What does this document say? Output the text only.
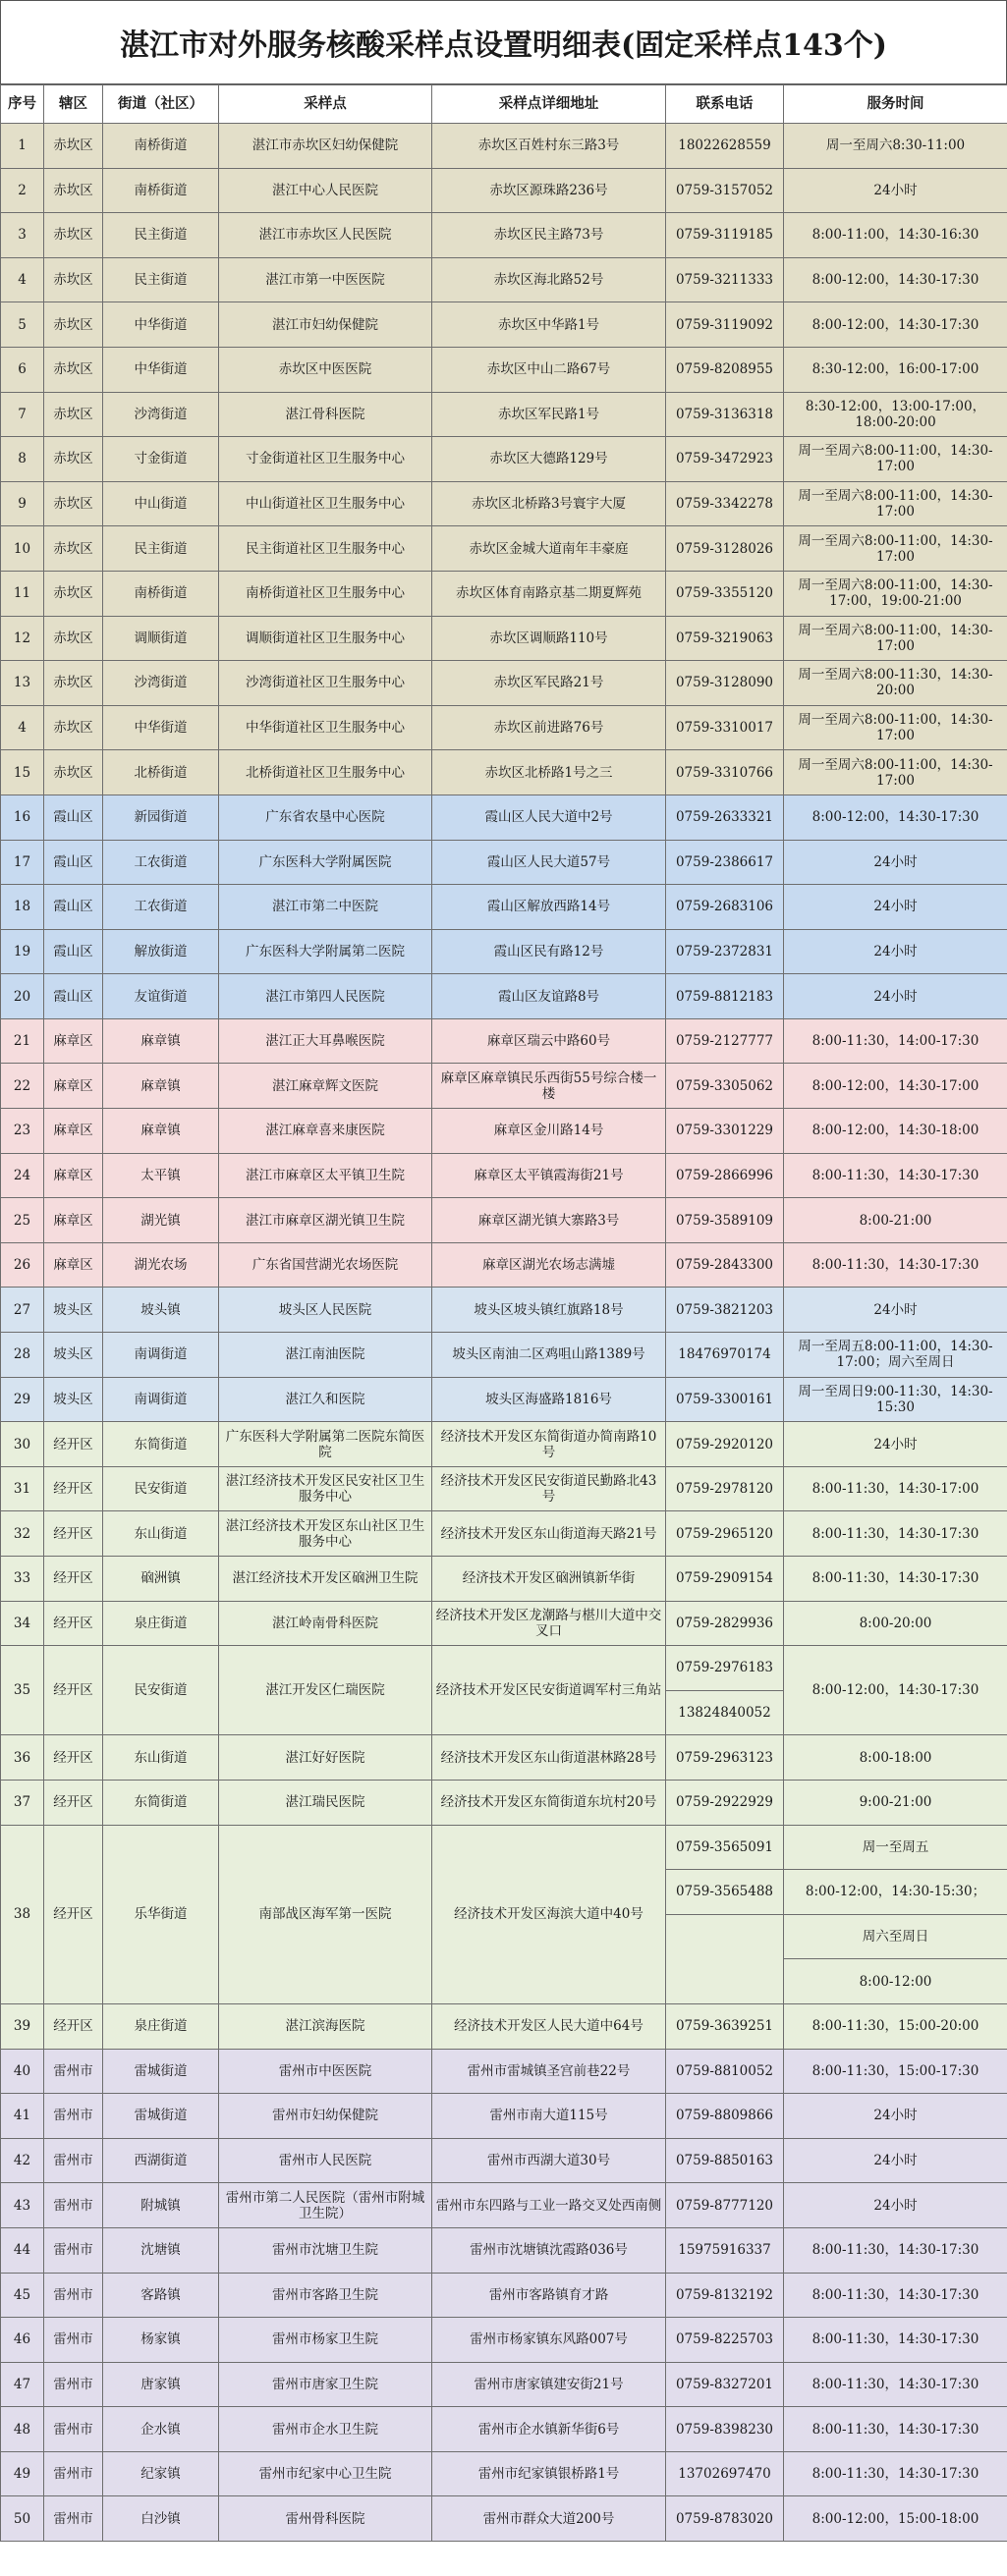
湛江市对外服务核酸采样点设置明细表(固定采样点143个)
序号	辖区	街道（社区）	采样点	采样点详细地址	联系电话	服务时间
1	赤坎区	南桥街道	湛江市赤坎区妇幼保健院	赤坎区百姓村东三路3号	18022628559	周一至周六8:30-11:00
2	赤坎区	南桥街道	湛江中心人民医院	赤坎区源珠路236号	0759-3157052	24小时
3	赤坎区	民主街道	湛江市赤坎区人民医院	赤坎区民主路73号	0759-3119185	8:00-11:00，14:30-16:30
4	赤坎区	民主街道	湛江市第一中医医院	赤坎区海北路52号	0759-3211333	8:00-12:00，14:30-17:30
5	赤坎区	中华街道	湛江市妇幼保健院	赤坎区中华路1号	0759-3119092	8:00-12:00，14:30-17:30
6	赤坎区	中华街道	赤坎区中医医院	赤坎区中山二路67号	0759-8208955	8:30-12:00，16:00-17:00
7	赤坎区	沙湾街道	湛江骨科医院	赤坎区军民路1号	0759-3136318	8:30-12:00，13:00-17:00，18:00-20:00
8	赤坎区	寸金街道	寸金街道社区卫生服务中心	赤坎区大德路129号	0759-3472923	周一至周六8:00-11:00，14:30-17:00
9	赤坎区	中山街道	中山街道社区卫生服务中心	赤坎区北桥路3号寰宇大厦	0759-3342278	周一至周六8:00-11:00，14:30-17:00
10	赤坎区	民主街道	民主街道社区卫生服务中心	赤坎区金城大道南年丰豪庭	0759-3128026	周一至周六8:00-11:00，14:30-17:00
11	赤坎区	南桥街道	南桥街道社区卫生服务中心	赤坎区体育南路京基二期夏辉苑	0759-3355120	周一至周六8:00-11:00，14:30-17:00，19:00-21:00
12	赤坎区	调顺街道	调顺街道社区卫生服务中心	赤坎区调顺路110号	0759-3219063	周一至周六8:00-11:00，14:30-17:00
13	赤坎区	沙湾街道	沙湾街道社区卫生服务中心	赤坎区军民路21号	0759-3128090	周一至周六8:00-11:30，14:30-20:00
4	赤坎区	中华街道	中华街道社区卫生服务中心	赤坎区前进路76号	0759-3310017	周一至周六8:00-11:00，14:30-17:00
15	赤坎区	北桥街道	北桥街道社区卫生服务中心	赤坎区北桥路1号之三	0759-3310766	周一至周六8:00-11:00，14:30-17:00
16	霞山区	新园街道	广东省农垦中心医院	霞山区人民大道中2号	0759-2633321	8:00-12:00，14:30-17:30
17	霞山区	工农街道	广东医科大学附属医院	霞山区人民大道57号	0759-2386617	24小时
18	霞山区	工农街道	湛江市第二中医院	霞山区解放西路14号	0759-2683106	24小时
19	霞山区	解放街道	广东医科大学附属第二医院	霞山区民有路12号	0759-2372831	24小时
20	霞山区	友谊街道	湛江市第四人民医院	霞山区友谊路8号	0759-8812183	24小时
21	麻章区	麻章镇	湛江正大耳鼻喉医院	麻章区瑞云中路60号	0759-2127777	8:00-11:30，14:00-17:30
22	麻章区	麻章镇	湛江麻章辉文医院	麻章区麻章镇民乐西街55号综合楼一楼	0759-3305062	8:00-12:00，14:30-17:00
23	麻章区	麻章镇	湛江麻章喜来康医院	麻章区金川路14号	0759-3301229	8:00-12:00，14:30-18:00
24	麻章区	太平镇	湛江市麻章区太平镇卫生院	麻章区太平镇霞海街21号	0759-2866996	8:00-11:30，14:30-17:30
25	麻章区	湖光镇	湛江市麻章区湖光镇卫生院	麻章区湖光镇大寨路3号	0759-3589109	8:00-21:00
26	麻章区	湖光农场	广东省国营湖光农场医院	麻章区湖光农场志满墟	0759-2843300	8:00-11:30，14:30-17:30
27	坡头区	坡头镇	坡头区人民医院	坡头区坡头镇红旗路18号	0759-3821203	24小时
28	坡头区	南调街道	湛江南油医院	坡头区南油二区鸡咀山路1389号	18476970174	周一至周五8:00-11:00，14:30-17:00；周六至周日
29	坡头区	南调街道	湛江久和医院	坡头区海盛路1816号	0759-3300161	周一至周日9:00-11:30，14:30-15:30
30	经开区	东简街道	广东医科大学附属第二医院东简医院	经济技术开发区东简街道办简南路10号	0759-2920120	24小时
31	经开区	民安街道	湛江经济技术开发区民安社区卫生服务中心	经济技术开发区民安街道民勤路北43号	0759-2978120	8:00-11:30，14:30-17:00
32	经开区	东山街道	湛江经济技术开发区东山社区卫生服务中心	经济技术开发区东山街道海天路21号	0759-2965120	8:00-11:30，14:30-17:30
33	经开区	硇洲镇	湛江经济技术开发区硇洲卫生院	经济技术开发区硇洲镇新华街	0759-2909154	8:00-11:30，14:30-17:30
34	经开区	泉庄街道	湛江岭南骨科医院	经济技术开发区龙潮路与椹川大道中交叉口	0759-2829936	8:00-20:00
35	经开区	民安街道	湛江开发区仁瑞医院	经济技术开发区民安街道调军村三角站	0759-2976183	8:00-12:00，14:30-17:30
					13824840052	
36	经开区	东山街道	湛江好好医院	经济技术开发区东山街道湛林路28号	0759-2963123	8:00-18:00
37	经开区	东简街道	湛江瑞民医院	经济技术开发区东简街道东坑村20号	0759-2922929	9:00-21:00
38	经开区	乐华街道	南部战区海军第一医院	经济技术开发区海滨大道中40号	0759-3565091	周一至周五
					0759-3565488	8:00-12:00，14:30-15:30；
						周六至周日
						8:00-12:00
39	经开区	泉庄街道	湛江滨海医院	经济技术开发区人民大道中64号	0759-3639251	8:00-11:30，15:00-20:00
40	雷州市	雷城街道	雷州市中医医院	雷州市雷城镇圣宫前巷22号	0759-8810052	8:00-11:30，15:00-17:30
41	雷州市	雷城街道	雷州市妇幼保健院	雷州市南大道115号	0759-8809866	24小时
42	雷州市	西湖街道	雷州市人民医院	雷州市西湖大道30号	0759-8850163	24小时
43	雷州市	附城镇	雷州市第二人民医院（雷州市附城卫生院）	雷州市东四路与工业一路交叉处西南侧	0759-8777120	24小时
44	雷州市	沈塘镇	雷州市沈塘卫生院	雷州市沈塘镇沈霞路036号	15975916337	8:00-11:30，14:30-17:30
45	雷州市	客路镇	雷州市客路卫生院	雷州市客路镇育才路	0759-8132192	8:00-11:30，14:30-17:30
46	雷州市	杨家镇	雷州市杨家卫生院	雷州市杨家镇东风路007号	0759-8225703	8:00-11:30，14:30-17:30
47	雷州市	唐家镇	雷州市唐家卫生院	雷州市唐家镇建安街21号	0759-8327201	8:00-11:30，14:30-17:30
48	雷州市	企水镇	雷州市企水卫生院	雷州市企水镇新华街6号	0759-8398230	8:00-11:30，14:30-17:30
49	雷州市	纪家镇	雷州市纪家中心卫生院	雷州市纪家镇银桥路1号	13702697470	8:00-11:30，14:30-17:30
50	雷州市	白沙镇	雷州骨科医院	雷州市群众大道200号	0759-8783020	8:00-12:00，15:00-18:00
